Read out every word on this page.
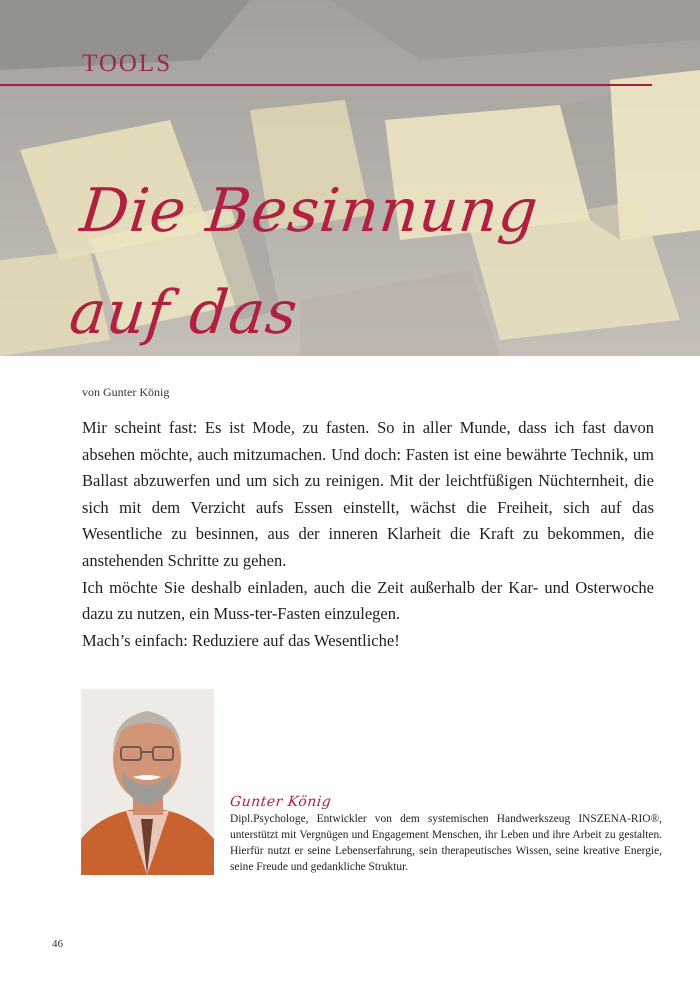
TOOLS
Die Besinnung
auf das
von Gunter König

Mir scheint fast: Es ist Mode, zu fasten. So in aller Munde, dass ich fast davon absehen möchte, auch mitzumachen. Und doch: Fasten ist eine bewährte Technik, um Ballast abzuwerfen und um sich zu reinigen. Mit der leichtfüßigen Nüchternheit, die sich mit dem Verzicht aufs Essen einstellt, wächst die Freiheit, sich auf das Wesentliche zu besinnen, aus der inneren Klarheit die Kraft zu bekommen, die anstehenden Schritte zu gehen.

Ich möchte Sie deshalb einladen, auch die Zeit außerhalb der Kar- und Osterwoche dazu zu nutzen, ein Muss-ter-Fasten einzulegen.

Mach’s einfach: Reduziere auf das Wesentliche!

Gunter König
Dipl.Psychologe, Entwickler von dem systemischen Handwerkszeug INSZENA-RIO®, unterstützt mit Vergnügen und Engagement Menschen, ihr Leben und ihre Arbeit zu gestalten. Hierfür nutzt er seine Lebenserfahrung, sein therapeutisches Wissen, seine kreative Energie, seine Freude und gedankliche Struktur.
46
